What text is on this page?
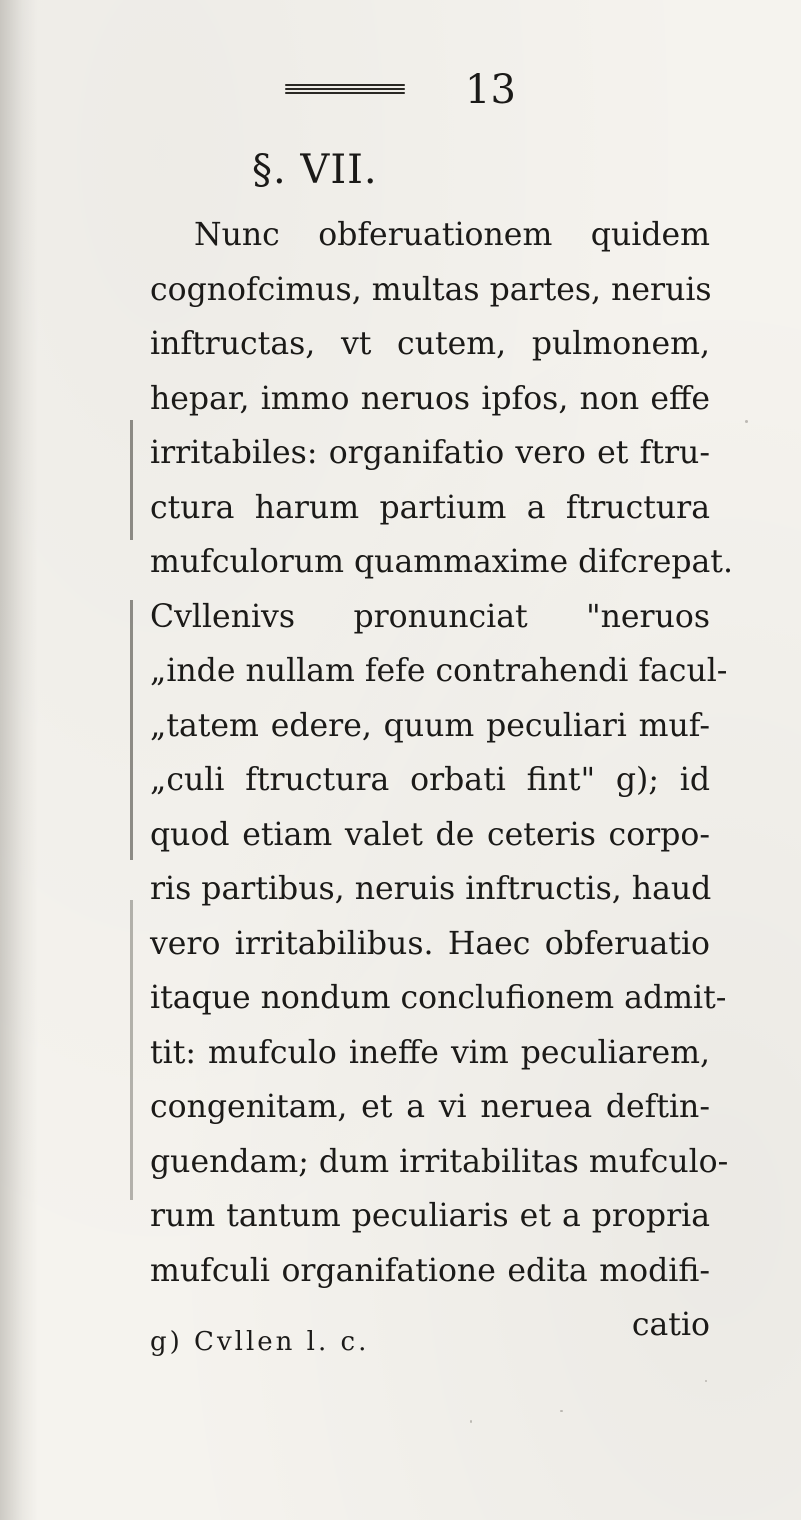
13
§. VII.
Nunc obferuationem quidem
cognofcimus, multas partes, neruis
inftructas, vt cutem, pulmonem,
hepar, immo neruos ipfos, non effe
irritabiles: organifatio vero et ftru-
ctura harum partium a ftructura
mufculorum quammaxime difcrepat.
Cvllenivs pronunciat "neruos
„inde nullam fefe contrahendi facul-
„tatem edere, quum peculiari muf-
„culi ftructura orbati fint" g); id
quod etiam valet de ceteris corpo-
ris partibus, neruis inftructis, haud
vero irritabilibus. Haec obferuatio
itaque nondum conclufionem admit-
tit: mufculo ineffe vim peculiarem,
congenitam, et a vi neruea deftin-
guendam; dum irritabilitas mufculo-
rum tantum peculiaris et a propria
mufculi organifatione edita modifi-
catio
g) Cvllen l. c.
